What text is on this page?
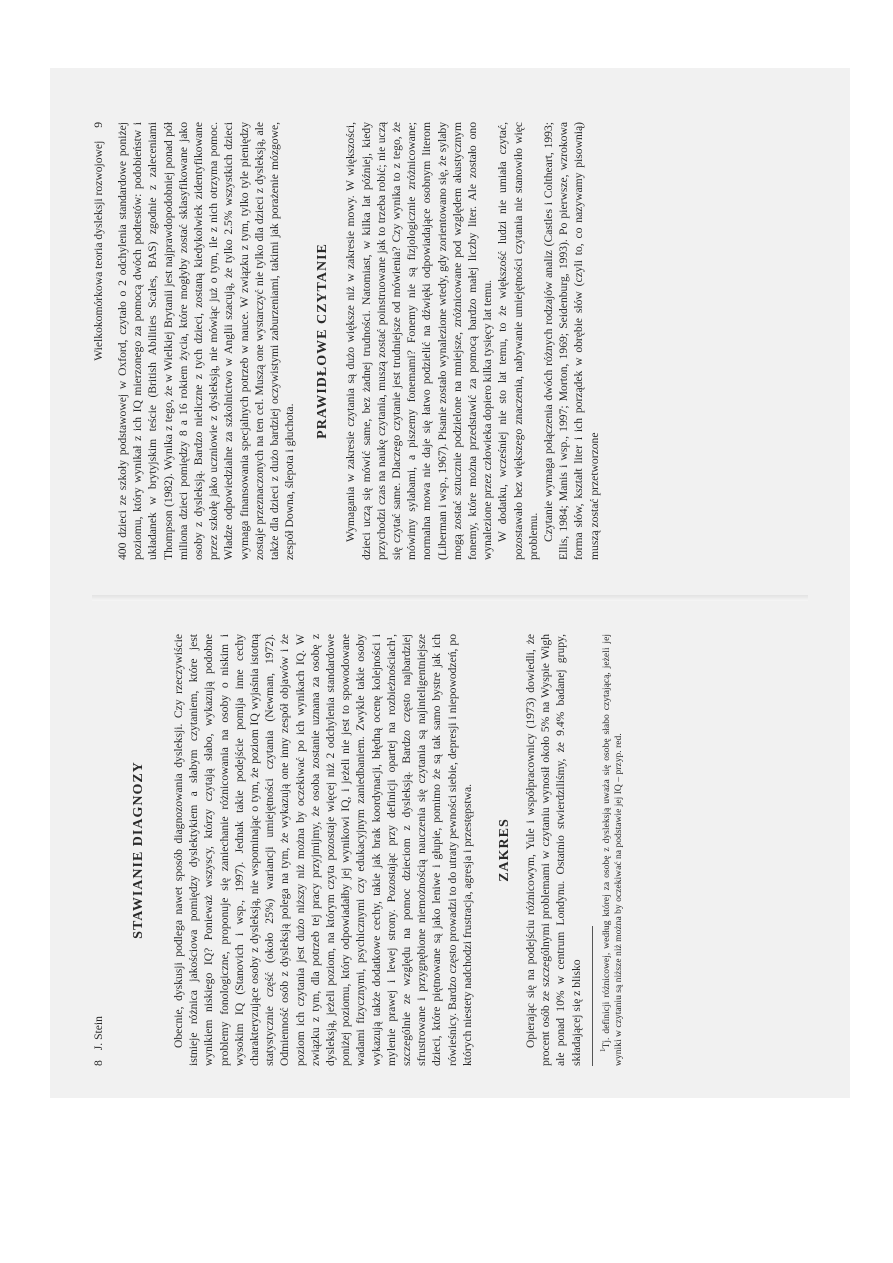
8
J. Stein
STAWIANIE DIAGNOZY Obecnie, dyskusji podlega nawet sposób diagnozowania dysleksji. Czy rzeczywiście istnieje różnica jakościowa pomiędzy dyslektykiem a słabym czytaniem, które jest wynikiem niskiego IQ? Ponieważ wszyscy, którzy czytają słabo, wykazują podobne problemy fonologiczne, proponuje się zaniechanie różnicowania na osoby o niskim i wysokim IQ (Stanovich i wsp., 1997). Jednak takie podejście pomija inne cechy charakteryzujące osoby z dysleksją, nie wspominając o tym, że poziom IQ wyjaśnia istotną statystycznie część (około 25%) wariancji umiejętności czytania (Newman, 1972). Odmienność osób z dysleksją polega na tym, że wykazują one inny zespół objawów i że poziom ich czytania jest dużo niższy niż można by oczekiwać po ich wynikach IQ. W związku z tym, dla potrzeb tej pracy przyjmijmy, że osoba zostanie uznana za osobę z dysleksją, jeżeli poziom, na którym czyta pozostaje więcej niż 2 odchylenia standardowe poniżej poziomu, który odpowiadałby jej wynikowi IQ, i jeżeli nie jest to spowodowane wadami fizycznymi, psychicznymi czy edukacyjnym zaniedbaniem. Zwykle takie osoby wykazują także dodatkowe cechy, takie jak brak koordynacji, błędną ocenę kolejności i mylenie prawej i lewej strony. Pozostając przy definicji opartej na rozbieżnościach¹, szczególnie ze względu na pomoc dzieciom z dysleksją. Bardzo często najbardziej sfrustrowane i przygnębione niemożnością nauczenia się czytania są najinteligentniejsze dzieci, które piętnowane są jako leniwe i głupie, pomimo że są tak samo bystre jak ich rówieśnicy. Bardzo często prowadzi to do utraty pewności siebie, depresji i niepowodzeń, po których niestety nadchodzi frustracja, agresja i przestępstwa. ZAKRES Opierając się na podejściu różnicowym, Yule i współpracownicy (1973) dowiedli, że procent osób ze szczególnymi problemami w czytaniu wynosił około 5% na Wyspie Wigh ale ponad 10% w centrum Londynu. Ostatnio stwierdziliśmy, że 9.4% badanej grupy, składającej się z blisko $^1$Tj. definicji różnicowej, według której za osobę z dysleksją uważa się osobę słabo czytającą, jeżeli jej wyniki w czytaniu są niższe niż można by oczekiwać na podstawie jej IQ – przyp. red.

Wielkokomórkowa teoria dysleksji rozwojowej 9 400 dzieci ze szkoły podstawowej w Oxford, czytało o 2 odchylenia standardowe poniżej poziomu, który wynikał z ich IQ mierzonego za pomocą dwóch podtestów: podobieństw i układanek w brytyjskim teście (British Abilities Scales, BAS) zgodnie z zaleceniami Thompson (1982). Wynika z tego, że w Wielkiej Brytanii jest najprawdopodobniej ponad pół miliona dzieci pomiędzy 8 a 16 rokiem życia, które mogłyby zostać sklasyfikowane jako osoby z dysleksją. Bardzo nieliczne z tych dzieci, zostaną kiedykolwiek zidentyfikowane przez szkołę jako uczniowie z dysleksją, nie mówiąc już o tym, ile z nich otrzyma pomoc. Władze odpowiedzialne za szkolnictwo w Anglii szacują, że tylko 2.5% wszystkich dzieci wymaga finansowania specjalnych potrzeb w nauce. W związku z tym, tylko tyle pieniędzy zostaje przeznaczonych na ten cel. Muszą one wystarczyć nie tylko dla dzieci z dysleksją, ale także dla dzieci z dużo bardziej oczywistymi zaburzeniami, takimi jak porażenie mózgowe, zespół Downa, ślepota i głuchota.

PRAWIDŁOWE CZYTANIE Wymagania w zakresie czytania są dużo większe niż w zakresie mowy. W większości, dzieci uczą się mówić same, bez żadnej trudności. Natomiast, w kilka lat później, kiedy przychodzi czas na naukę czytania, muszą zostać poinstruowane jak to trzeba robić; nie uczą się czytać same. Dlaczego czytanie jest trudniejsze od mówienia? Czy wynika to z tego, że mówimy sylabami, a piszemy fonemami? Fonemy nie są fizjologicznie zróżnicowane; normalna mowa nie daje się łatwo podzielić na dźwięki odpowiadające osobnym literom (Liberman i wsp., 1967). Pisanie zostało wynalezione wtedy, gdy zorientowano się, że sylaby mogą zostać sztucznie podzielone na mniejsze, zróżnicowane pod względem akustycznym fonemy, które można przedstawić za pomocą bardzo małej liczby liter. Ale zostało ono wynalezione przez człowieka dopiero kilka tysięcy lat temu. W dodatku, wcześniej nie sto lat temu, to że większość ludzi nie umiała czytać, pozostawało bez większego znaczenia, nabywanie umiejętności czytania nie stanowiło więc problemu. Czytanie wymaga połączenia dwóch różnych rodzajów analiz (Castles i Coltheart, 1993; Ellis, 1984; Manis i wsp., 1997; Morton, 1969; Seidenburg, 1993). Po pierwsze, wzrokowa forma słów, kształt liter i ich porządek w obrębie słów (czyli to, co nazywamy pisownią) muszą zostać przetworzone
